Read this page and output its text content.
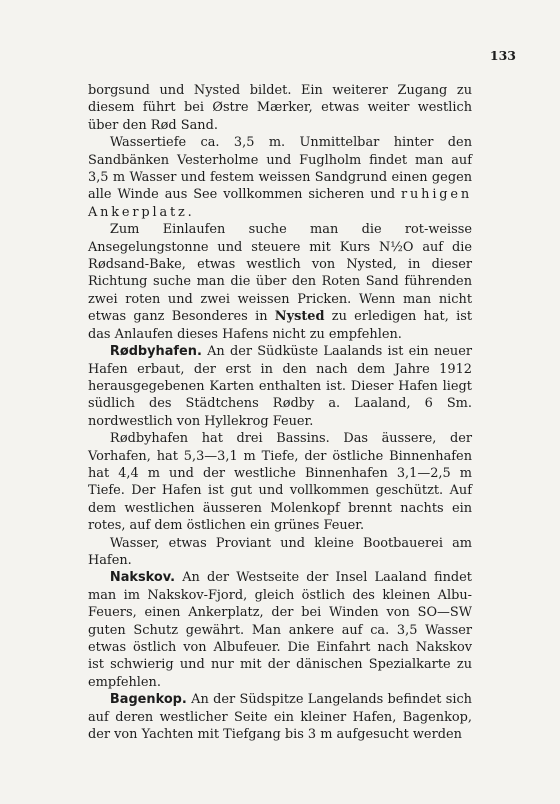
133

borgsund und Nysted bildet. Ein weiterer Zugang zu diesem führt bei Østre Mærker, etwas weiter westlich über den Rød Sand.

Wassertiefe ca. 3,5 m. Unmittelbar hinter den Sandbänken Vesterholme und Fuglholm findet man auf 3,5 m Wasser und festem weissen Sandgrund einen gegen alle Winde aus See vollkommen sicheren und ruhigen Ankerplatz.

Zum Einlaufen suche man die rot-weisse Ansegelungstonne und steuere mit Kurs N½O auf die Rødsand-Bake, etwas westlich von Nysted, in dieser Richtung suche man die über den Roten Sand führenden zwei roten und zwei weissen Pricken. Wenn man nicht etwas ganz Besonderes in Nysted zu erledigen hat, ist das Anlaufen dieses Hafens nicht zu empfehlen.

Rødbyhafen. An der Südküste Laalands ist ein neuer Hafen erbaut, der erst in den nach dem Jahre 1912 herausgegebenen Karten enthalten ist. Dieser Hafen liegt südlich des Städtchens Rødby a. Laaland, 6 Sm. nordwestlich von Hyllekrog Feuer.

Rødbyhafen hat drei Bassins. Das äussere, der Vorhafen, hat 5,3—3,1 m Tiefe, der östliche Binnenhafen hat 4,4 m und der westliche Binnenhafen 3,1—2,5 m Tiefe. Der Hafen ist gut und vollkommen geschützt. Auf dem westlichen äusseren Molenkopf brennt nachts ein rotes, auf dem östlichen ein grünes Feuer.

Wasser, etwas Proviant und kleine Bootbauerei am Hafen.

Nakskov. An der Westseite der Insel Laaland findet man im Nakskov-Fjord, gleich östlich des kleinen Albu-Feuers, einen Ankerplatz, der bei Winden von SO—SW guten Schutz gewährt. Man ankere auf ca. 3,5 Wasser etwas östlich von Albufeuer. Die Einfahrt nach Nakskov ist schwierig und nur mit der dänischen Spezialkarte zu empfehlen.

Bagenkop. An der Südspitze Langelands befindet sich auf deren westlicher Seite ein kleiner Hafen, Bagenkop, der von Yachten mit Tiefgang bis 3 m aufgesucht werden
